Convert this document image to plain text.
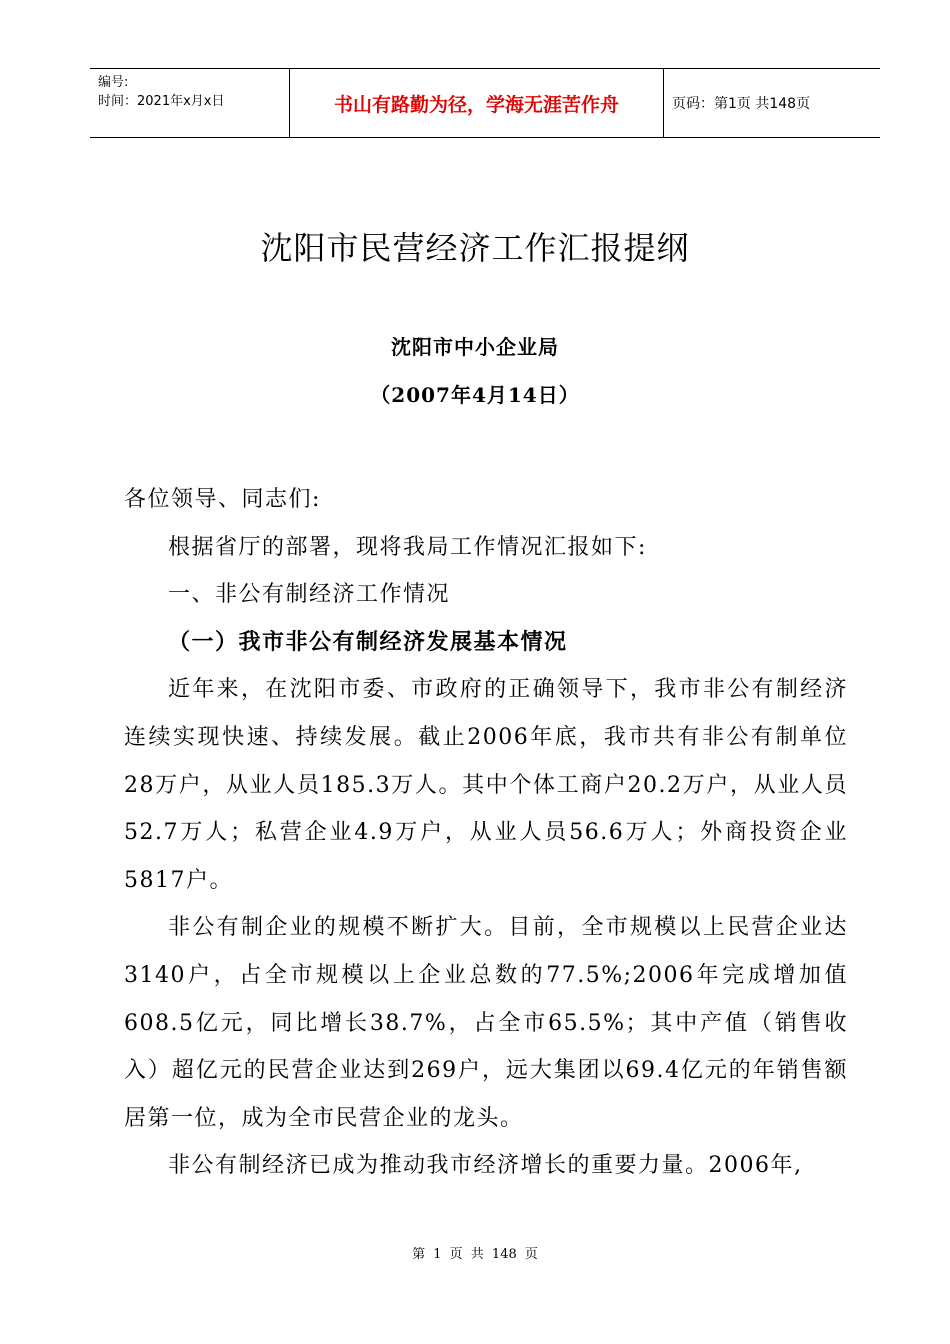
编号:
时间：2021年x月x日	书山有路勤为径，学海无涯苦作舟	页码：第1页 共148页
沈阳市民营经济工作汇报提纲
沈阳市中小企业局
（2007年4月14日）

各位领导、同志们:

根据省厅的部署，现将我局工作情况汇报如下:

一、非公有制经济工作情况

（一）我市非公有制经济发展基本情况

近年来，在沈阳市委、市政府的正确领导下，我市非公有制经济连续实现快速、持续发展。截止2006年底，我市共有非公有制单位28万户，从业人员185.3万人。其中个体工商户20.2万户，从业人员52.7万人；私营企业4.9万户，从业人员56.6万人；外商投资企业5817户。

非公有制企业的规模不断扩大。目前，全市规模以上民营企业达3140户，占全市规模以上企业总数的77.5%;2006年完成增加值608.5亿元，同比增长38.7%，占全市65.5%；其中产值（销售收入）超亿元的民营企业达到269户，远大集团以69.4亿元的年销售额居第一位，成为全市民营企业的龙头。

非公有制经济已成为推动我市经济增长的重要力量。2006年,

第 1 页 共 148 页
